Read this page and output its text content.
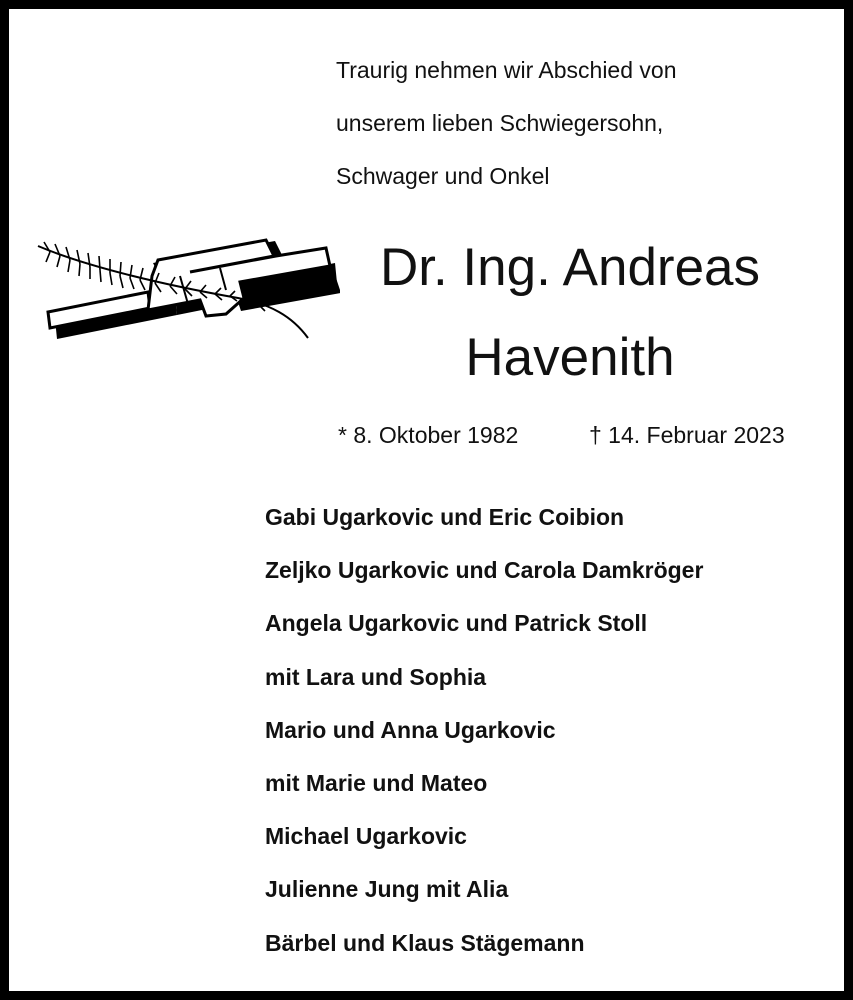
Traurig nehmen wir Abschied von
unserem lieben Schwiegersohn,
Schwager und Onkel
Dr. Ing. Andreas
Havenith
* 8. Oktober 1982	† 14. Februar 2023
Gabi Ugarkovic und Eric Coibion
Zeljko Ugarkovic und Carola Damkröger
Angela Ugarkovic und Patrick Stoll
mit Lara und Sophia
Mario und Anna Ugarkovic
mit Marie und Mateo
Michael Ugarkovic
Julienne Jung mit Alia
Bärbel und Klaus Stägemann
